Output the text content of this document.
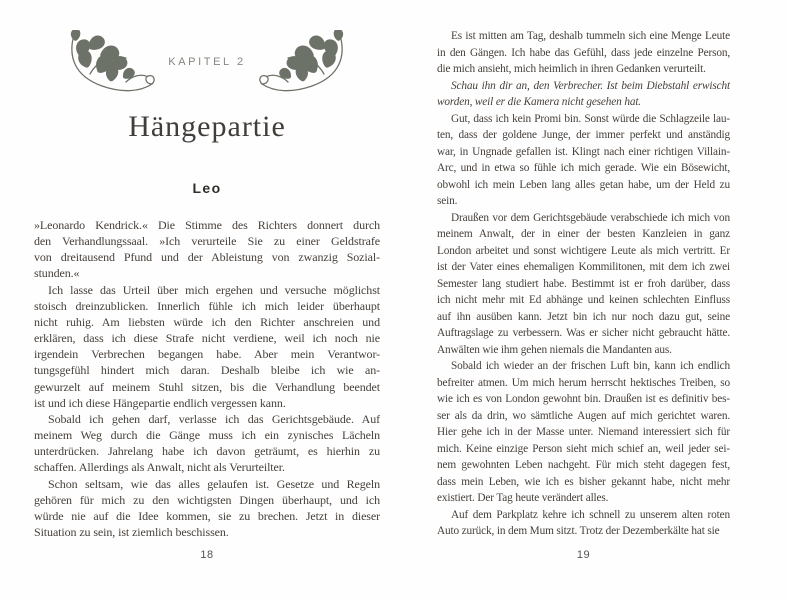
KAPITEL 2
Hängepartie
Leo
»Leonardo Kendrick.« Die Stimme des Richters donnert durch
den Verhandlungssaal. »Ich verurteile Sie zu einer Geldstrafe
von dreitausend Pfund und der Ableistung von zwanzig Sozial-
stunden.«
Ich lasse das Urteil über mich ergehen und versuche möglichst
stoisch dreinzublicken. Innerlich fühle ich mich leider überhaupt
nicht ruhig. Am liebsten würde ich den Richter anschreien und
erklären, dass ich diese Strafe nicht verdiene, weil ich noch nie
irgendein Verbrechen begangen habe. Aber mein Verantwor-
tungsgefühl hindert mich daran. Deshalb bleibe ich wie an-
gewurzelt auf meinem Stuhl sitzen, bis die Verhandlung beendet
ist und ich diese Hängepartie endlich vergessen kann.
Sobald ich gehen darf, verlasse ich das Gerichtsgebäude. Auf
meinem Weg durch die Gänge muss ich ein zynisches Lächeln
unterdrücken. Jahrelang habe ich davon geträumt, es hierhin zu
schaffen. Allerdings als Anwalt, nicht als Verurteilter.
Schon seltsam, wie das alles gelaufen ist. Gesetze und Regeln
gehören für mich zu den wichtigsten Dingen überhaupt, und ich
würde nie auf die Idee kommen, sie zu brechen. Jetzt in dieser
Situation zu sein, ist ziemlich beschissen.
18
Es ist mitten am Tag, deshalb tummeln sich eine Menge Leute
in den Gängen. Ich habe das Gefühl, dass jede einzelne Person,
die mich ansieht, mich heimlich in ihren Gedanken verurteilt.
Schau ihn dir an, den Verbrecher. Ist beim Diebstahl erwischt
worden, weil er die Kamera nicht gesehen hat.
Gut, dass ich kein Promi bin. Sonst würde die Schlagzeile lau-
ten, dass der goldene Junge, der immer perfekt und anständig
war, in Ungnade gefallen ist. Klingt nach einer richtigen Villain-
Arc, und in etwa so fühle ich mich gerade. Wie ein Bösewicht,
obwohl ich mein Leben lang alles getan habe, um der Held zu
sein.
Draußen vor dem Gerichtsgebäude verabschiede ich mich von
meinem Anwalt, der in einer der besten Kanzleien in ganz
London arbeitet und sonst wichtigere Leute als mich vertritt. Er
ist der Vater eines ehemaligen Kommilitonen, mit dem ich zwei
Semester lang studiert habe. Bestimmt ist er froh darüber, dass
ich nicht mehr mit Ed abhänge und keinen schlechten Einfluss
auf ihn ausüben kann. Jetzt bin ich nur noch dazu gut, seine
Auftragslage zu verbessern. Was er sicher nicht gebraucht hätte.
Anwälten wie ihm gehen niemals die Mandanten aus.
Sobald ich wieder an der frischen Luft bin, kann ich endlich
befreiter atmen. Um mich herum herrscht hektisches Treiben, so
wie ich es von London gewohnt bin. Draußen ist es definitiv bes-
ser als da drin, wo sämtliche Augen auf mich gerichtet waren.
Hier gehe ich in der Masse unter. Niemand interessiert sich für
mich. Keine einzige Person sieht mich schief an, weil jeder sei-
nem gewohnten Leben nachgeht. Für mich steht dagegen fest,
dass mein Leben, wie ich es bisher gekannt habe, nicht mehr
existiert. Der Tag heute verändert alles.
Auf dem Parkplatz kehre ich schnell zu unserem alten roten
Auto zurück, in dem Mum sitzt. Trotz der Dezemberkälte hat sie
19
